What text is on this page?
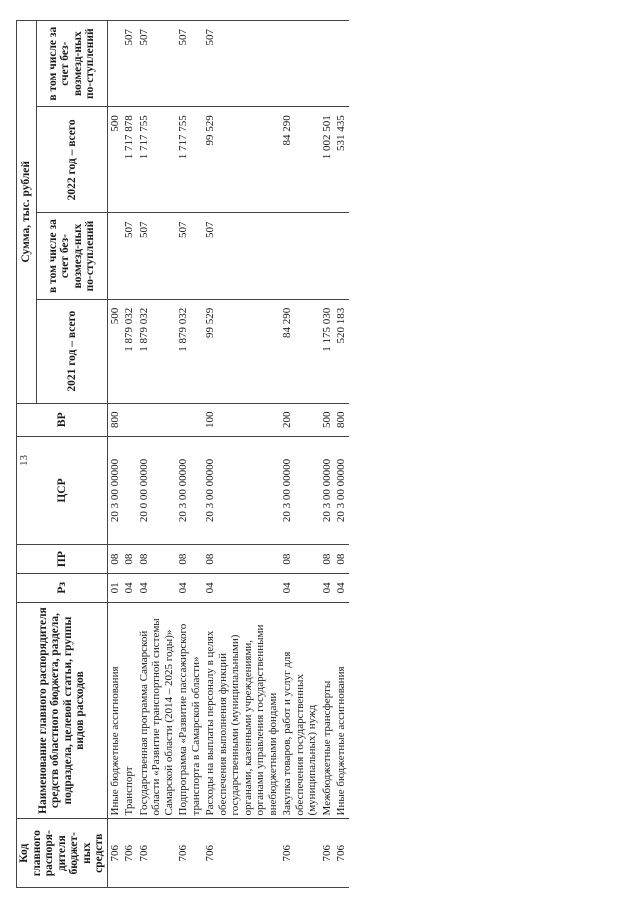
13
Код главного распоря-дителя бюджет-ных средств	Наименование главного распорядителя средств областного бюджета, раздела, подраздела, целевой статьи, группы видов расходов	Рз	ПР	ЦСР	ВР	Сумма, тыс. рублей			
						2021 год – всего	в том числе за счет без-возмезд-ных по-ступлений	2022 год – всего	в том числе за счет без-возмезд-ных по-ступлений
706	Иные бюджетные ассигнования	01	08	20 3 00 00000	800	500		500	
706	Транспорт	04	08			1 879 032	507	1 717 878	507
706	Государственная программа Самарской области «Развитие транспортной системы Самарской области (2014 – 2025 годы)»	04	08	20 0 00 00000		1 879 032	507	1 717 755	507
706	Подпрограмма «Развитие пассажирского транспорта в Самарской области»	04	08	20 3 00 00000		1 879 032	507	1 717 755	507
706	Расходы на выплаты персоналу в целях обеспечения выполнения функций государственными (муниципальными) органами, казенными учреждениями, органами управления государственными внебюджетными фондами	04	08	20 3 00 00000	100	99 529	507	99 529	507
706	Закупка товаров, работ и услуг для обеспечения государственных (муниципальных) нужд	04	08	20 3 00 00000	200	84 290		84 290	
706	Межбюджетные трансферты	04	08	20 3 00 00000	500	1 175 030		1 002 501	
706	Иные бюджетные ассигнования	04	08	20 3 00 00000	800	520 183		531 435	
